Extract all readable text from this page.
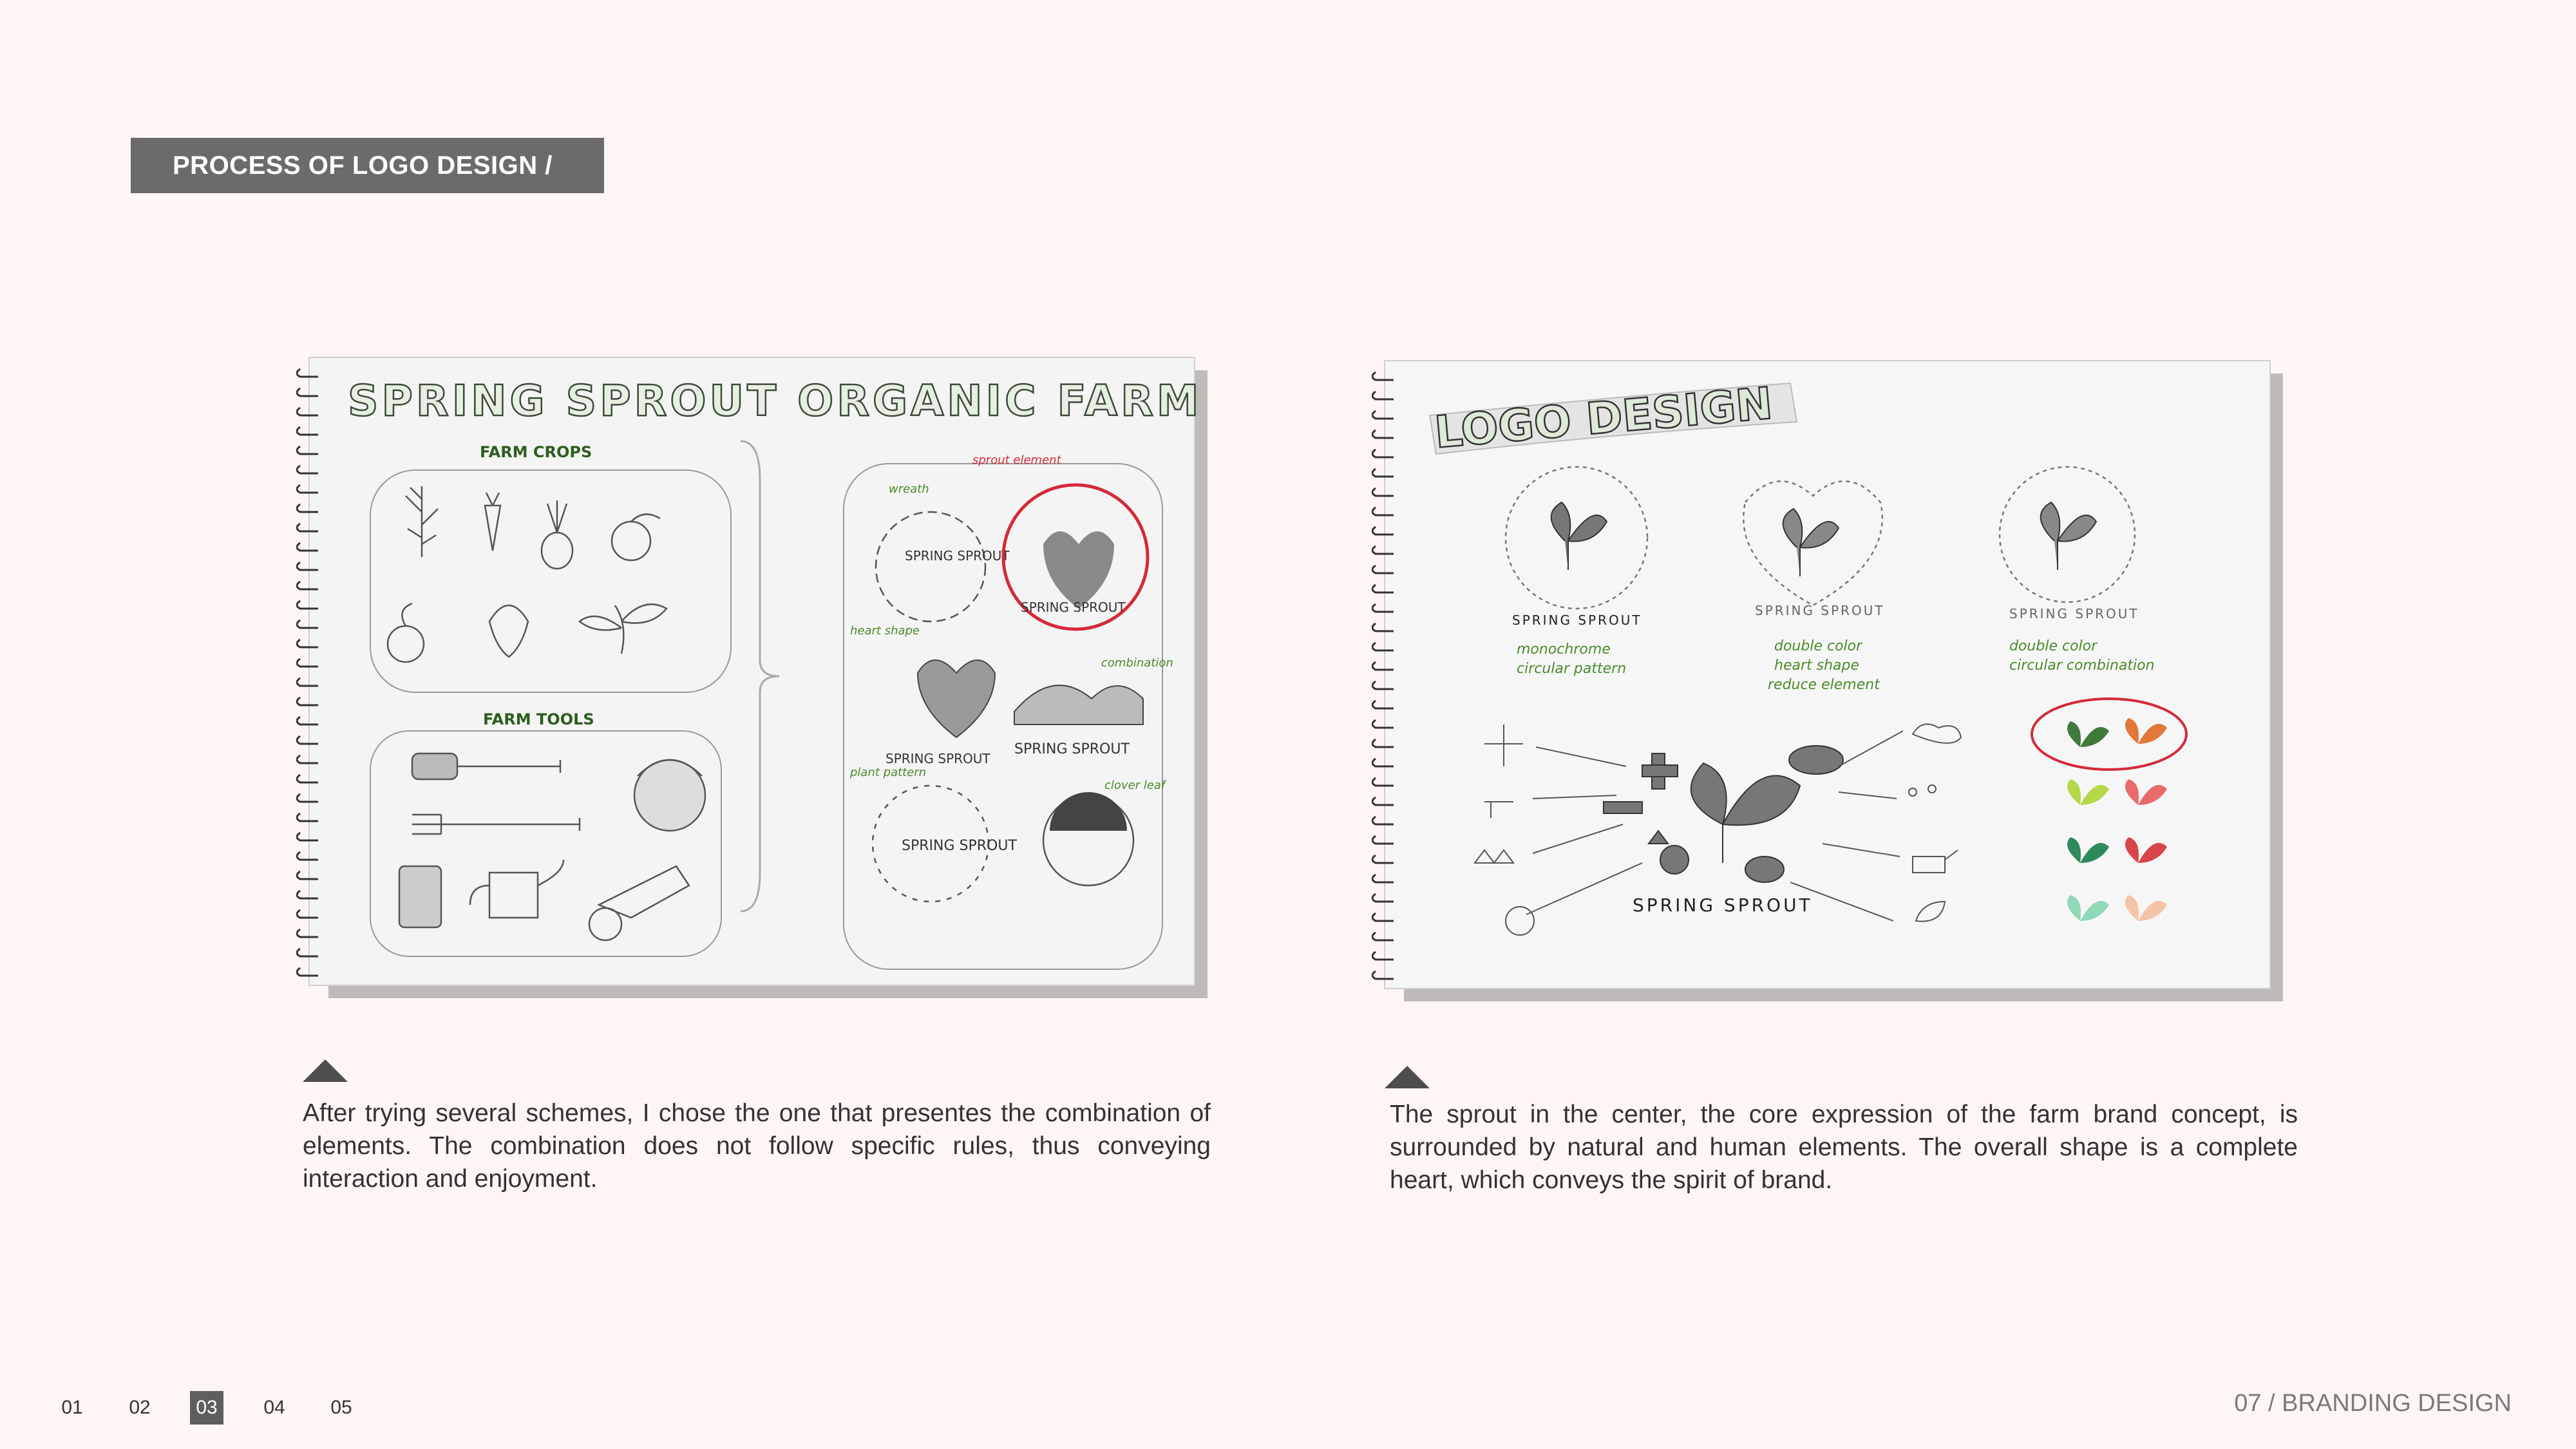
PROCESS OF LOGO DESIGN /
SPRING SPROUT ORGANIC FARM
FARM CROPS
FARM TOOLS
SPRING SPROUT
SPRING SPROUT
SPRING SPROUT
SPRING SPROUT
SPRING SPROUT
wreath
sprout element
heart shape
combination
plant pattern
clover leaf
LOGO DESIGN
SPRING SPROUT
monochrome
circular pattern
SPRING SPROUT
double color
heart shape
reduce element
SPRING SPROUT
double color
circular combination
SPRING SPROUT

After trying several schemes, I chose the one that presentes the combination of elements. The combination does not follow specific rules, thus conveying interaction and enjoyment.

The sprout in the center, the core expression of the farm brand concept, is surrounded by natural and human elements. The overall shape is a complete heart, which conveys the spirit of brand.

01	02	03	04	05	07 / BRANDING DESIGN
